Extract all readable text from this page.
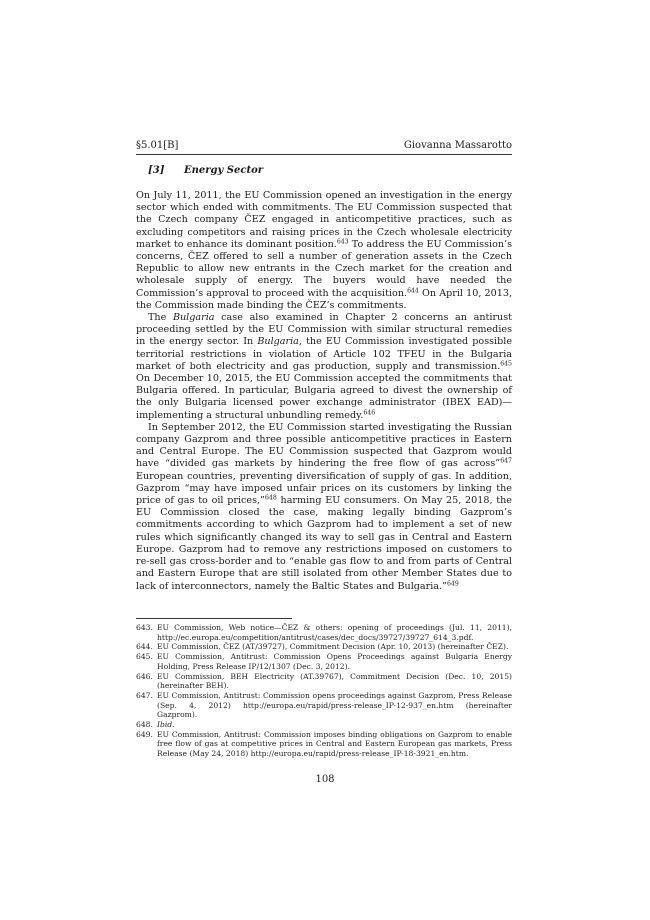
§5.01[B]	Giovanna Massarotto
[3] Energy Sector

On July 11, 2011, the EU Commission opened an investigation in the energy sector which ended with commitments. The EU Commission suspected that the Czech company ČEZ engaged in anticompetitive practices, such as excluding competitors and raising prices in the Czech wholesale electricity market to enhance its dominant position.$^{643}$ To address the EU Commission’s concerns, ČEZ offered to sell a number of generation assets in the Czech Republic to allow new entrants in the Czech market for the creation and wholesale supply of energy. The buyers would have needed the Commission’s approval to proceed with the acquisition.$^{644}$ On April 10, 2013, the Commission made binding the ČEZ’s commitments.

The Bulgaria case also examined in Chapter 2 concerns an antirust proceeding settled by the EU Commission with similar structural remedies in the energy sector. In Bulgaria, the EU Commission investigated possible territorial restrictions in violation of Article 102 TFEU in the Bulgaria market of both electricity and gas production, supply and transmission.$^{645}$ On December 10, 2015, the EU Commission accepted the commitments that Bulgaria offered. In particular, Bulgaria agreed to divest the ownership of the only Bulgaria licensed power exchange administrator (IBEX EAD)—implementing a structural unbundling remedy.$^{646}$

In September 2012, the EU Commission started investigating the Russian company Gazprom and three possible anticompetitive practices in Eastern and Central Europe. The EU Commission suspected that Gazprom would have “divided gas markets by hindering the free flow of gas across”$^{647}$ European countries, preventing diversification of supply of gas. In addition, Gazprom “may have imposed unfair prices on its customers by linking the price of gas to oil prices,”$^{648}$ harming EU consumers. On May 25, 2018, the EU Commission closed the case, making legally binding Gazprom’s commitments according to which Gazprom had to implement a set of new rules which significantly changed its way to sell gas in Central and Eastern Europe. Gazprom had to remove any restrictions imposed on customers to re-sell gas cross-border and to “enable gas flow to and from parts of Central and Eastern Europe that are still isolated from other Member States due to lack of interconnectors, namely the Baltic States and Bulgaria.”$^{649}$

643. EU Commission, Web notice—ČEZ & others: opening of proceedings (Jul. 11, 2011), http://ec.europa.eu/competition/antitrust/cases/dec_docs/39727/39727_614_3.pdf.
644. EU Commission, ČEZ (AT/39727), Commitment Decision (Apr. 10, 2013) (hereinafter ČEZ).
645. EU Commission, Antitrust: Commission Opens Proceedings against Bulgaria Energy Holding, Press Release IP/12/1307 (Dec. 3, 2012).
646. EU Commission, BEH Electricity (AT.39767), Commitment Decision (Dec. 10, 2015) (hereinafter BEH).
647. EU Commission, Antitrust: Commission opens proceedings against Gazprom, Press Release (Sep. 4, 2012) http://europa.eu/rapid/press-release_IP-12-937_en.htm (hereinafter Gazprom).
648. Ibid.
649. EU Commission, Antitrust: Commission imposes binding obligations on Gazprom to enable free flow of gas at competitive prices in Central and Eastern European gas markets, Press Release (May 24, 2018) http://europa.eu/rapid/press-release_IP-18-3921_en.htm.
108
